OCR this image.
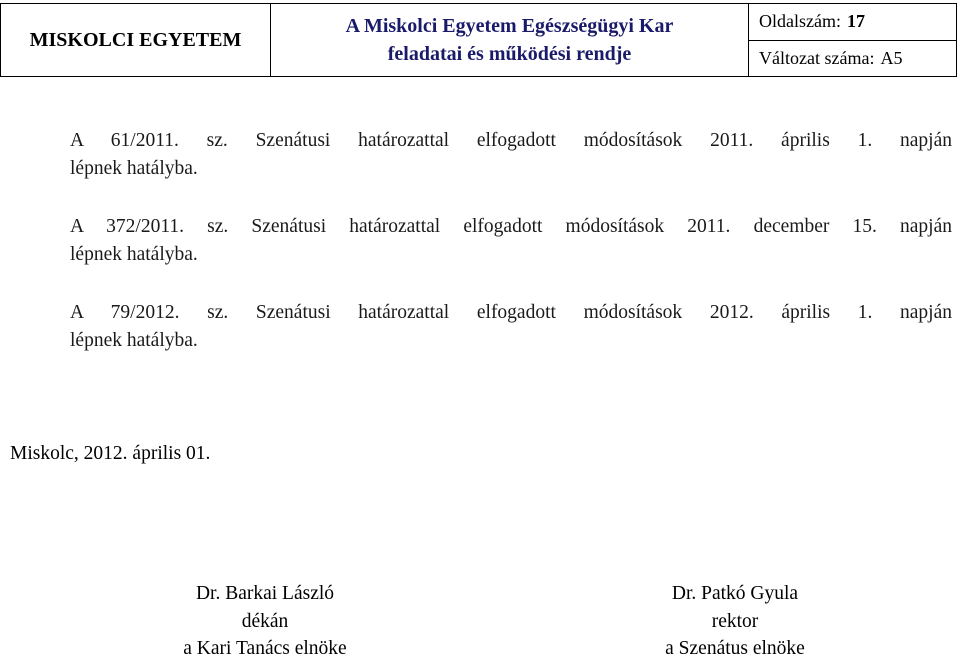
MISKOLCI EGYETEM
A Miskolci Egyetem Egészségügyi Kar
feladatai és működési rendje
Oldalszám: 17
Változat száma: A5
A 61/2011. sz. Szenátusi határozattal elfogadott módosítások 2011. április 1. napján
lépnek hatályba.
A 372/2011. sz. Szenátusi határozattal elfogadott módosítások 2011. december 15. napján
lépnek hatályba.
A 79/2012. sz. Szenátusi határozattal elfogadott módosítások 2012. április 1. napján
lépnek hatályba.
Miskolc, 2012. április 01.
Dr. Barkai László
dékán
a Kari Tanács elnöke
Dr. Patkó Gyula
rektor
a Szenátus elnöke
